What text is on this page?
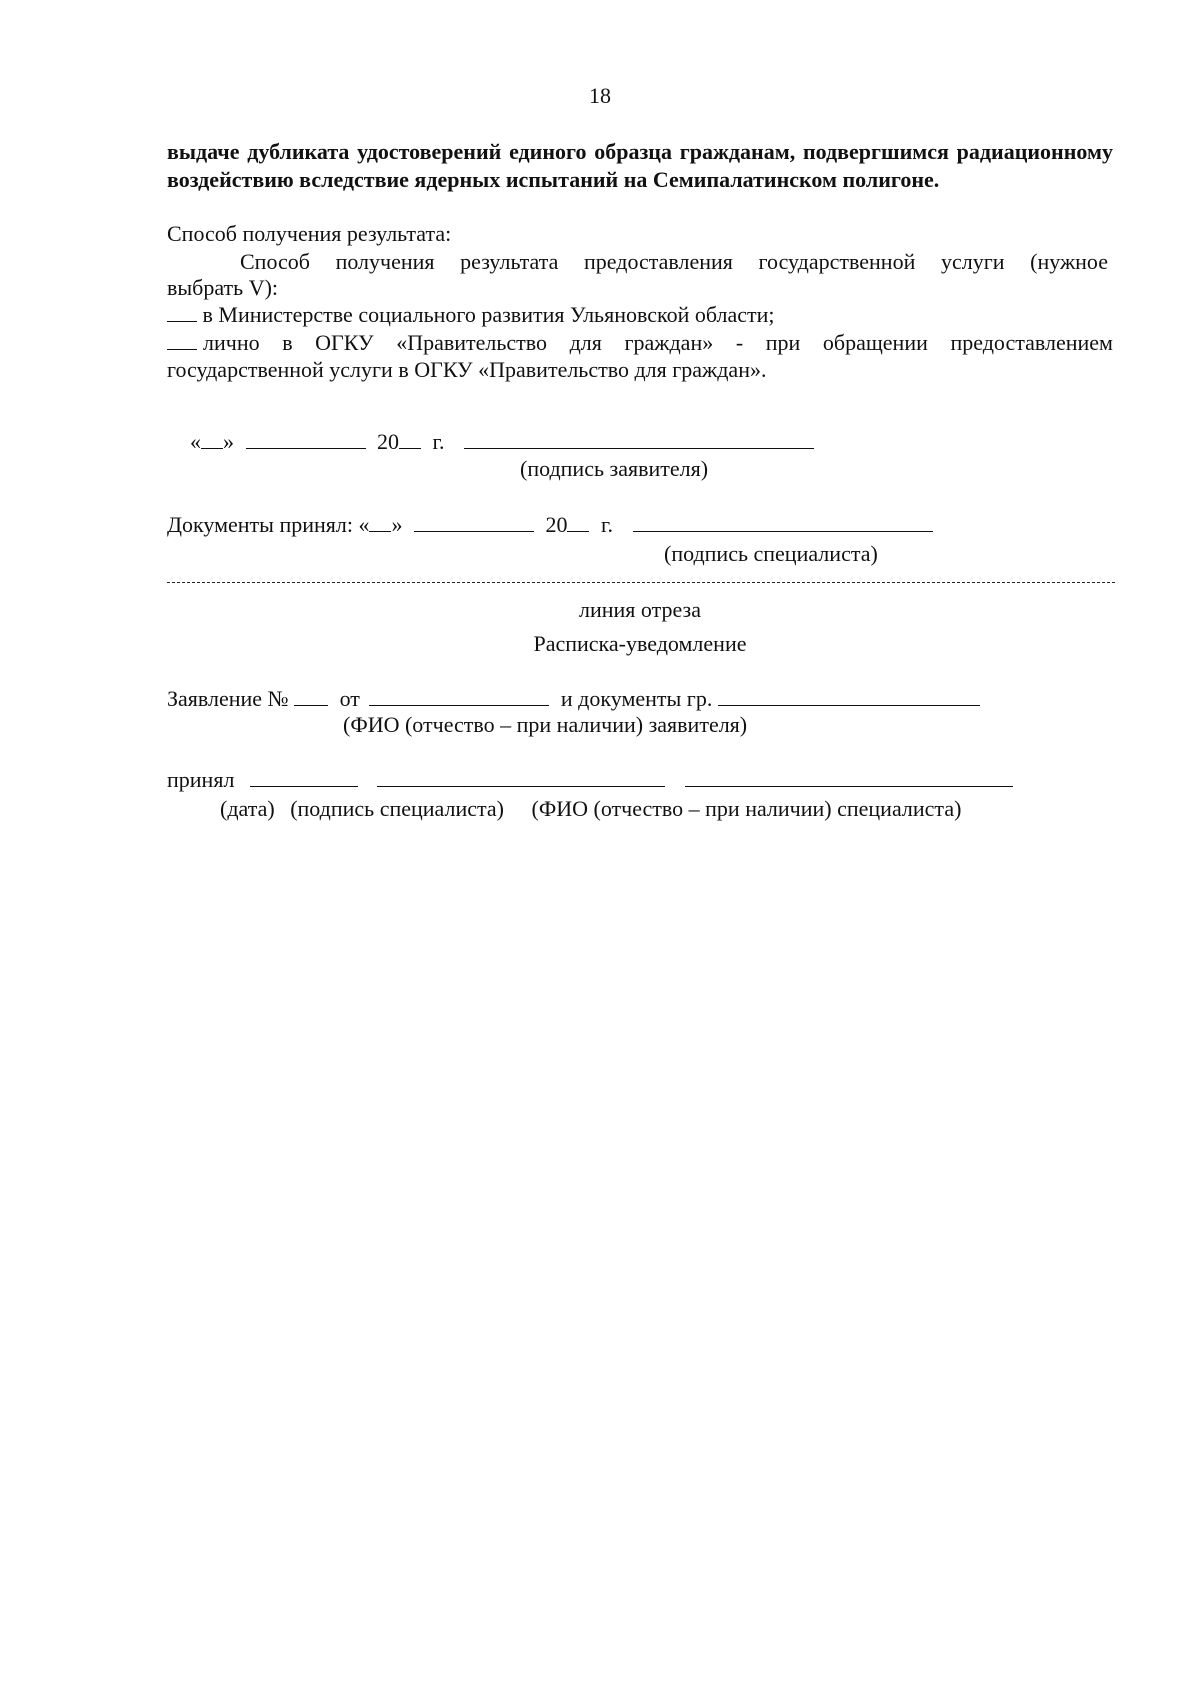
18
выдаче дубликата удостоверений единого образца гражданам, подвергшимся радиационному
воздействию вследствие ядерных испытаний на Семипалатинском полигоне.
Способ получения результата:
Способ получения результата предоставления государственной услуги (нужное
выбрать V):
в Министерстве социального развития Ульяновской области;
лично в ОГКУ «Правительство для граждан» - при обращении предоставлением
государственной услуги в ОГКУ «Правительство для граждан».
« »	20 г.
(подпись заявителя)
Документы принял: « »	20 г.
(подпись специалиста)
линия отреза
Расписка-уведомление
Заявление № от	и документы гр.
(ФИО (отчество – при наличии) заявителя)
принял
(дата) (подпись специалиста) (ФИО (отчество – при наличии) специалиста)
